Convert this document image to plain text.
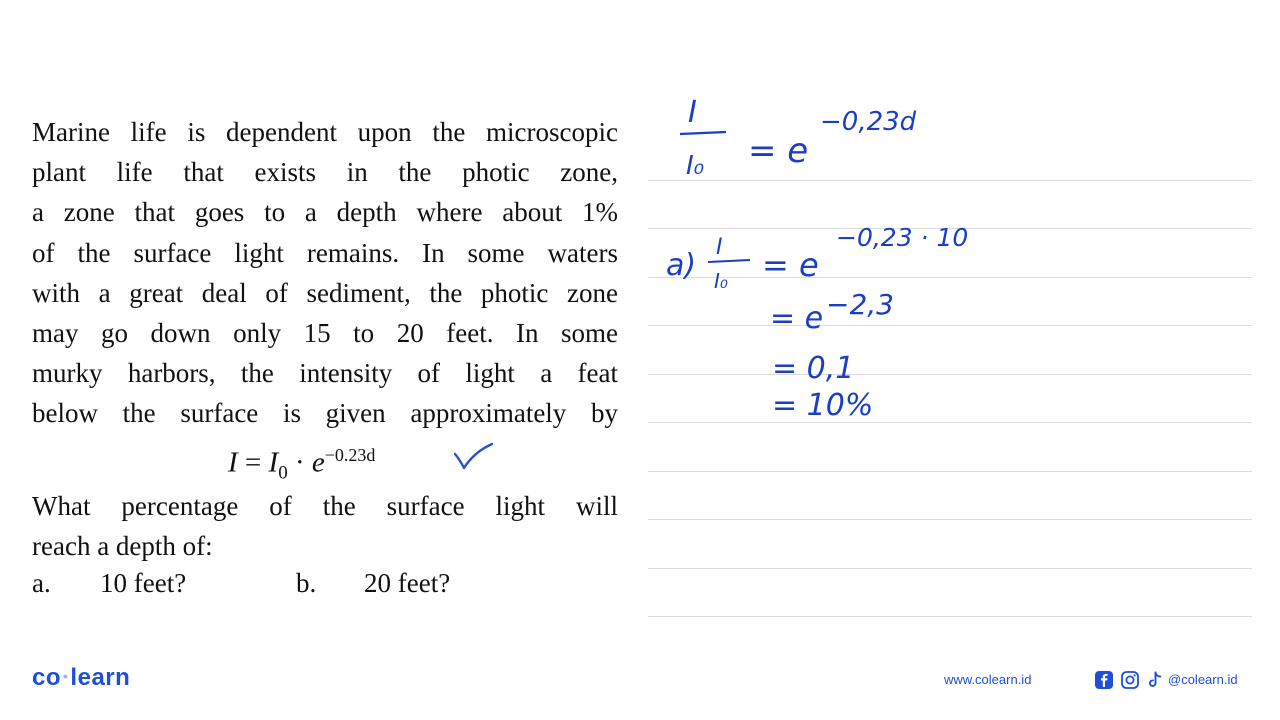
Marine life is dependent upon the microscopic
plant life that exists in the photic zone,
a zone that goes to a depth where about 1%
of the surface light remains. In some waters
with a great deal of sediment, the photic zone
may go down only 15 to 20 feet. In some
murky harbors, the intensity of light a feat
below the surface is given approximately by
$I = I_0 \cdot e^{-0.23d}$
What percentage of the surface light will
reach a depth of:
a. 10 feet?	b. 20 feet?
I
I₀ = e
−0,23d
a)
I
I₀ = e
−0,23 · 10
= e −2,3
= 0,1
= 10%
co •learn	www.colearn.id	@colearn.id
